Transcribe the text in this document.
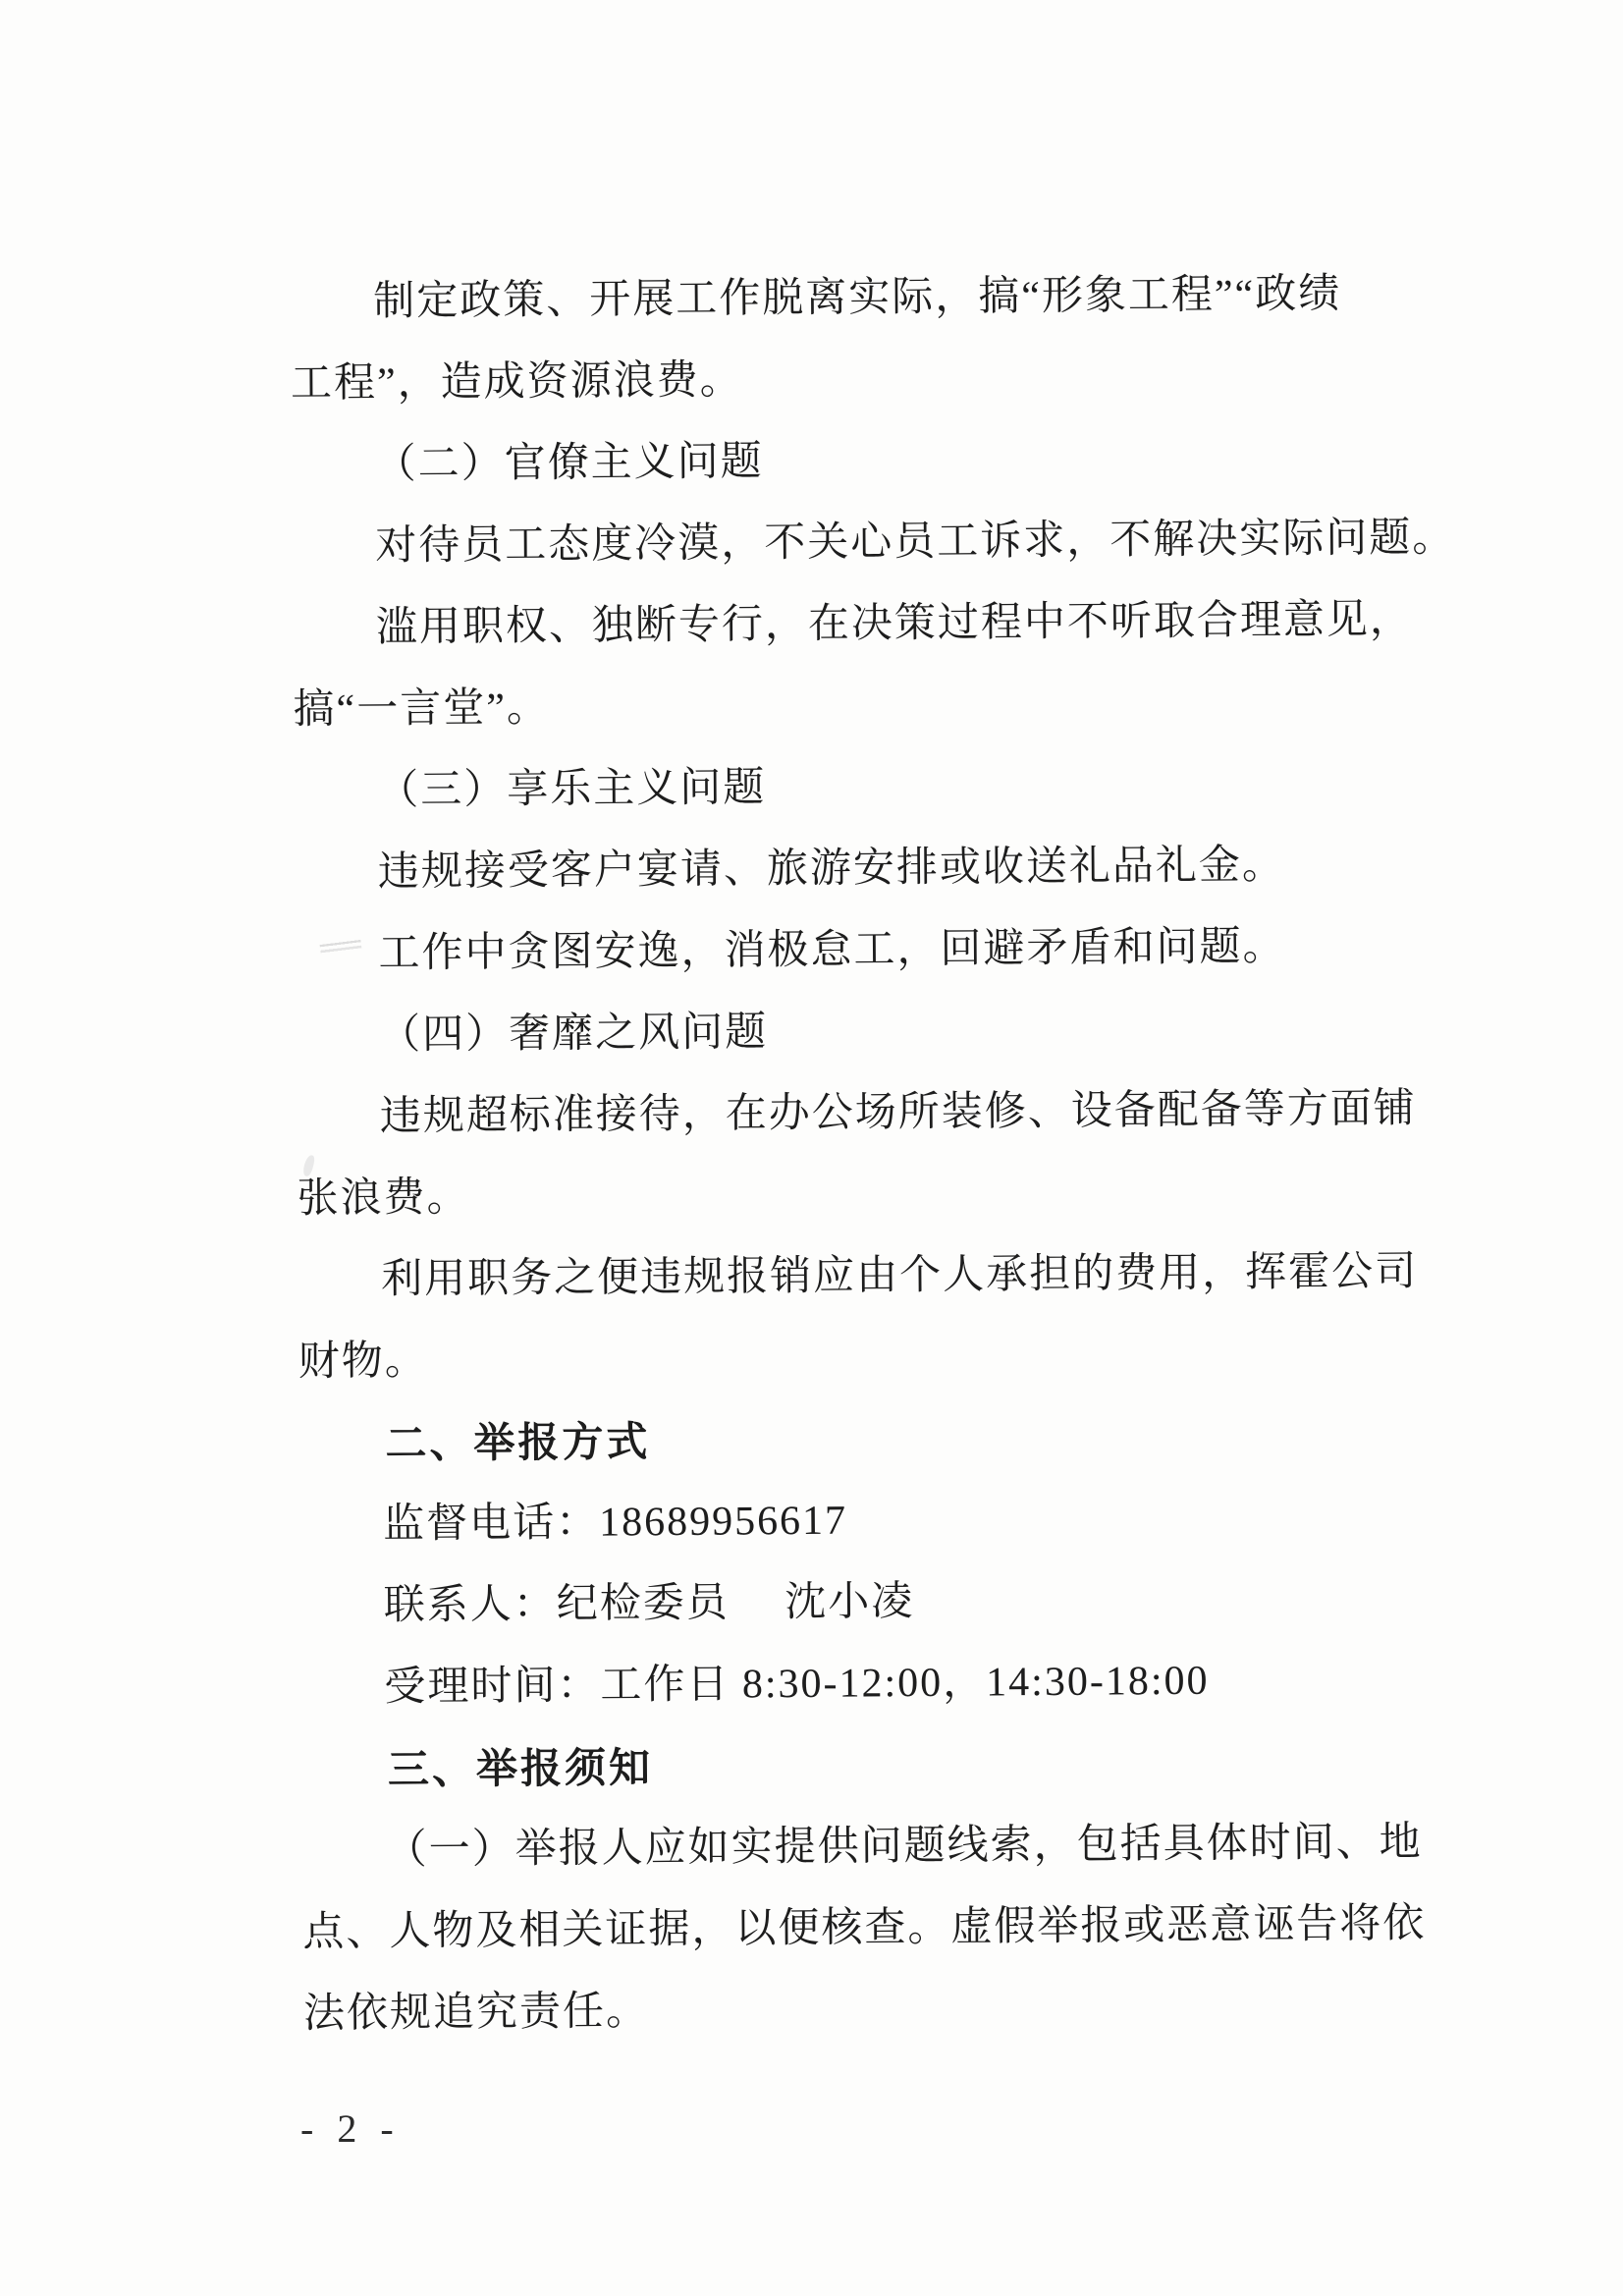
制定政策、开展工作脱离实际，搞“形象工程”“政绩

工程”，造成资源浪费。

（二）官僚主义问题

对待员工态度冷漠，不关心员工诉求，不解决实际问题。

滥用职权、独断专行，在决策过程中不听取合理意见，

搞“一言堂”。

（三）享乐主义问题

违规接受客户宴请、旅游安排或收送礼品礼金。

工作中贪图安逸，消极怠工，回避矛盾和问题。

（四）奢靡之风问题

违规超标准接待，在办公场所装修、设备配备等方面铺

张浪费。

利用职务之便违规报销应由个人承担的费用，挥霍公司

财物。

二、举报方式

监督电话：18689956617

联系人：纪检委员　 沈小凌

受理时间：工作日 8:30-12:00，14:30-18:00

三、举报须知

（一）举报人应如实提供问题线索，包括具体时间、地

点、人物及相关证据，以便核查。虚假举报或恶意诬告将依

法依规追究责任。

- 2 -
